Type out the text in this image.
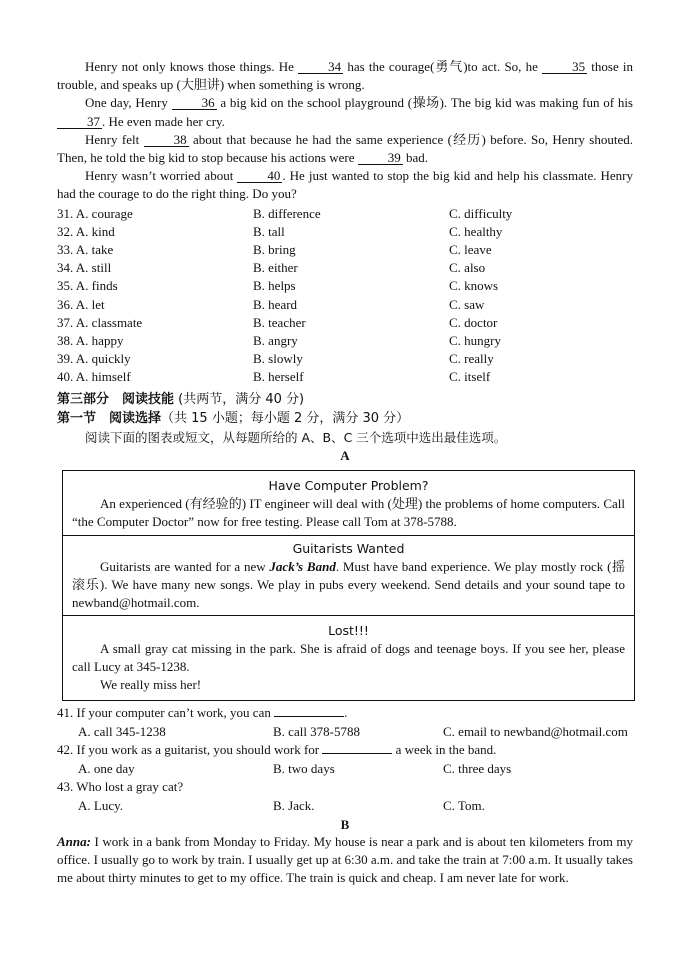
Henry not only knows those things. He	34 has the courage(勇气)to act. So, he	35 those in trouble, and speaks up (大胆讲) when something is wrong.

One day, Henry	36 a big kid on the school playground (操场). The big kid was making fun of his 37 . He even made her cry.

Henry felt	38 about that because he had the same experience (经历) before. So, Henry shouted. Then, he told the big kid to stop because his actions were	39 bad.

Henry wasn’t worried about	40 . He just wanted to stop the big kid and help his classmate. Henry had the courage to do the right thing. Do you?

31. A. courage	B. difference	C. difficulty
32. A. kind	B. tall	C. healthy
33. A. take	B. bring	C. leave
34. A. still	B. either	C. also
35. A. finds	B. helps	C. knows
36. A. let	B. heard	C. saw
37. A. classmate	B. teacher	C. doctor
38. A. happy	B. angry	C. hungry
39. A. quickly	B. slowly	C. really
40. A. himself	B. herself	C. itself

第三部分　阅读技能 (共两节，满分 40 分)

第一节　阅读选择（共 15 小题；每小题 2 分，满分 30 分）

阅读下面的图表或短文，从每题所给的 A、B、C 三个选项中选出最佳选项。

A
Have Computer Problem?

An experienced (有经验的) IT engineer will deal with (处理) the problems of home computers. Call “the Computer Doctor” now for free testing. Please call Tom at 378-5788.

Guitarists Wanted

Guitarists are wanted for a new Jack’s Band. Must have band experience. We play mostly rock (摇滚乐). We have many new songs. We play in pubs every weekend. Send details and your sound tape to newband@hotmail.com.

Lost!!!

A small gray cat missing in the park. She is afraid of dogs and teenage boys. If you see her, please call Lucy at 345-1238.

We really miss her!

41. If your computer can’t work, you can	.

A. call 345-1238	B. call 378-5788	C. email to newband@hotmail.com

42. If you work as a guitarist, you should work for	a week in the band.

A. one day	B. two days	C. three days

43. Who lost a gray cat?

A. Lucy.	B. Jack.	C. Tom.
B

Anna: I work in a bank from Monday to Friday. My house is near a park and is about ten kilometers from my office. I usually go to work by train. I usually get up at 6:30 a.m. and take the train at 7:00 a.m. It usually takes me about thirty minutes to get to my office. The train is quick and cheap. I am never late for work.
